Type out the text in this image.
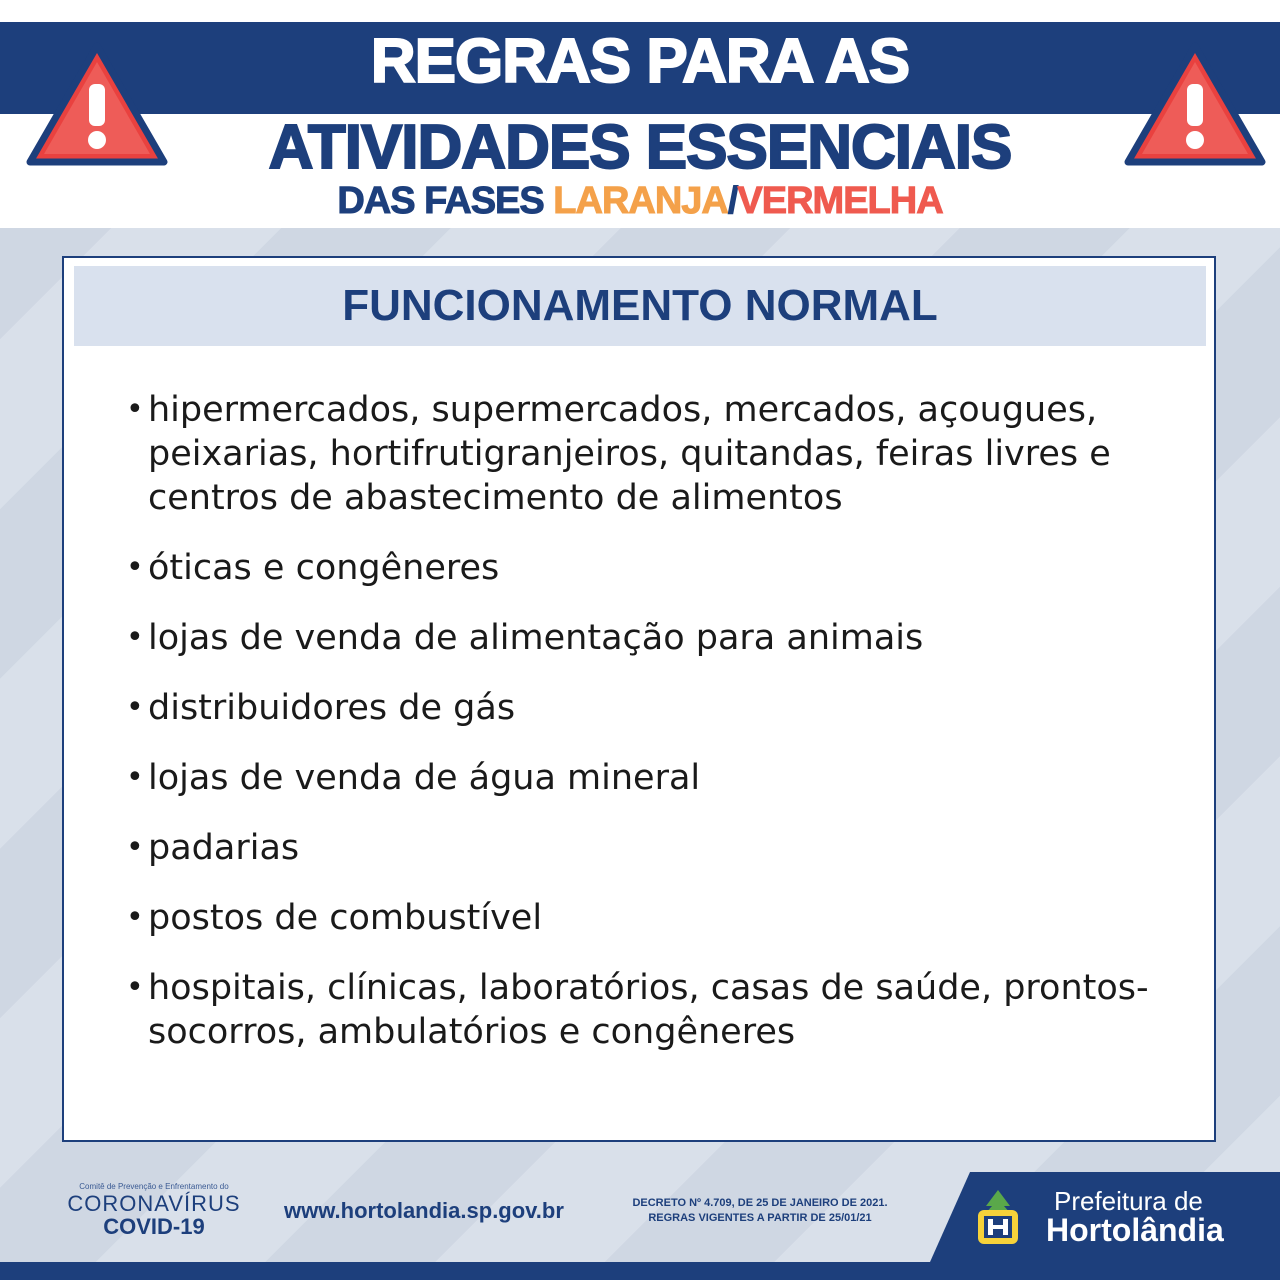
REGRAS PARA AS
ATIVIDADES ESSENCIAIS
DAS FASES LARANJA/VERMELHA
FUNCIONAMENTO NORMAL
• hipermercados, supermercados, mercados, açougues, peixarias, hortifrutigranjeiros, quitandas, feiras livres e centros de abastecimento de alimentos
• óticas e congêneres
• lojas de venda de alimentação para animais
• distribuidores de gás
• lojas de venda de água mineral
• padarias
• postos de combustível
• hospitais, clínicas, laboratórios, casas de saúde, prontos-socorros, ambulatórios e congêneres
Comitê de Prevenção e Enfrentamento do
CORONAVÍRUS
COVID-19
www.hortolandia.sp.gov.br	DECRETO Nº 4.709, DE 25 DE JANEIRO DE 2021.
REGRAS VIGENTES A PARTIR DE 25/01/21
Prefeitura de
Hortolândia
